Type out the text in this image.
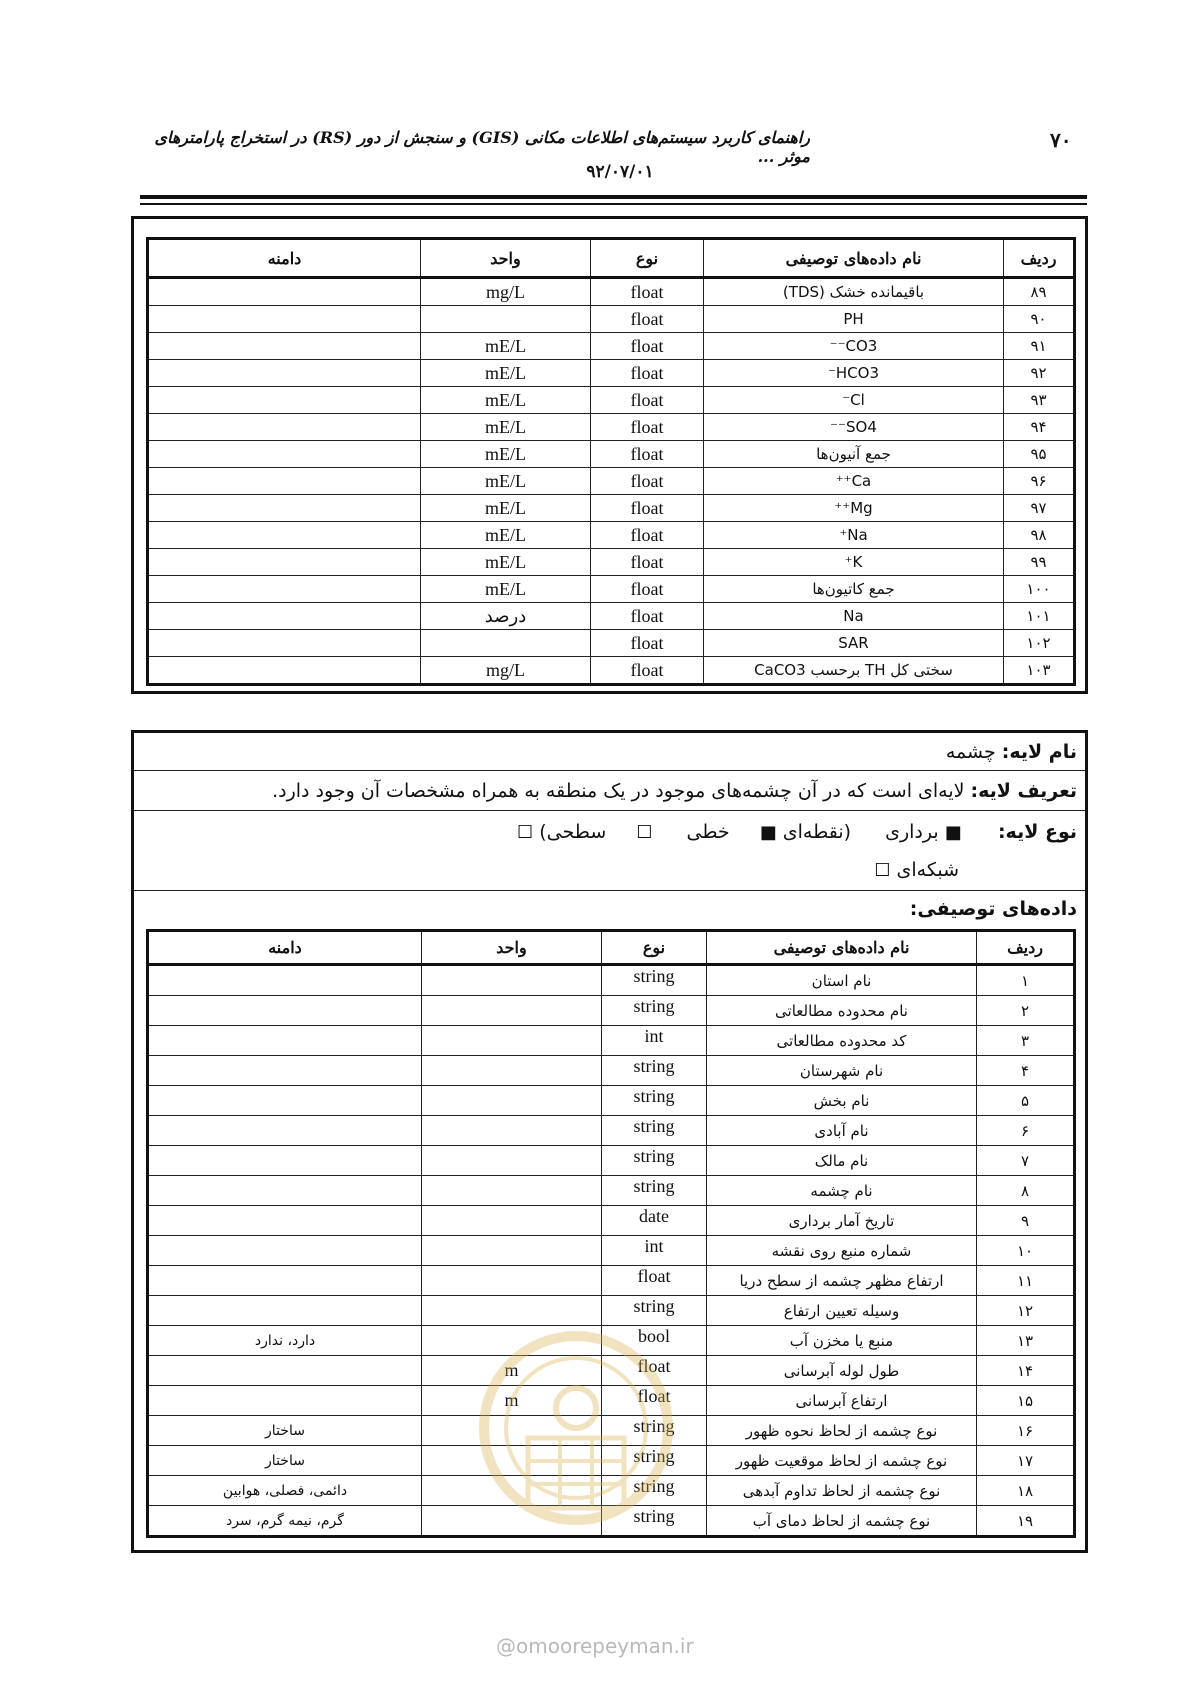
۷۰
راهنمای کاربرد سیستم‌های اطلاعات مکانی (GIS) و سنجش از دور (RS) در استخراج پارامترهای موثر ...
۹۲/۰۷/۰۱
ردیف	نام داده‌های توصیفی	نوع	واحد	دامنه
۸۹	باقیمانده خشک (TDS)	float	mg/L	
۹۰	PH	float		
۹۱	CO3⁻⁻	float	mE/L	
۹۲	HCO3⁻	float	mE/L	
۹۳	Cl⁻	float	mE/L	
۹۴	SO4⁻⁻	float	mE/L	
۹۵	جمع آنیون‌ها	float	mE/L	
۹۶	Ca⁺⁺	float	mE/L	
۹۷	Mg⁺⁺	float	mE/L	
۹۸	Na⁺	float	mE/L	
۹۹	K⁺	float	mE/L	
۱۰۰	جمع کاتیون‌ها	float	mE/L	
۱۰۱	Na	float	درصد	
۱۰۲	SAR	float		
۱۰۳	سختی کل TH برحسب CaCO3	float	mg/L	
نام لایه: چشمه
تعریف لایه: لایه‌ای است که در آن چشمه‌های موجود در یک منطقه به همراه مشخصات آن وجود دارد.
نوع لایه:      ■ برداری (نقطه‌ای ■ خطی ☐ سطحی) ☐
شبکه‌ای ☐
داده‌های توصیفی:
ردیف	نام داده‌های توصیفی	نوع	واحد	دامنه
۱	نام استان	string		
۲	نام محدوده مطالعاتی	string		
۳	کد محدوده مطالعاتی	int		
۴	نام شهرستان	string		
۵	نام بخش	string		
۶	نام آبادی	string		
۷	نام مالک	string		
۸	نام چشمه	string		
۹	تاریخ آمار برداری	date		
۱۰	شماره منبع روی نقشه	int		
۱۱	ارتفاع مظهر چشمه از سطح دریا	float		
۱۲	وسیله تعیین ارتفاع	string		
۱۳	منبع یا مخزن آب	bool		دارد، ندارد
۱۴	طول لوله آبرسانی	float	m	
۱۵	ارتفاع آبرسانی	float	m	
۱۶	نوع چشمه از لحاظ نحوه ظهور	string		ساختار
۱۷	نوع چشمه از لحاظ موقعیت ظهور	string		ساختار
۱۸	نوع چشمه از لحاظ تداوم آبدهی	string		دائمی، فصلی، هوابین
۱۹	نوع چشمه از لحاظ دمای آب	string		گرم، نیمه گرم، سرد
@omoorepeyman.ir
